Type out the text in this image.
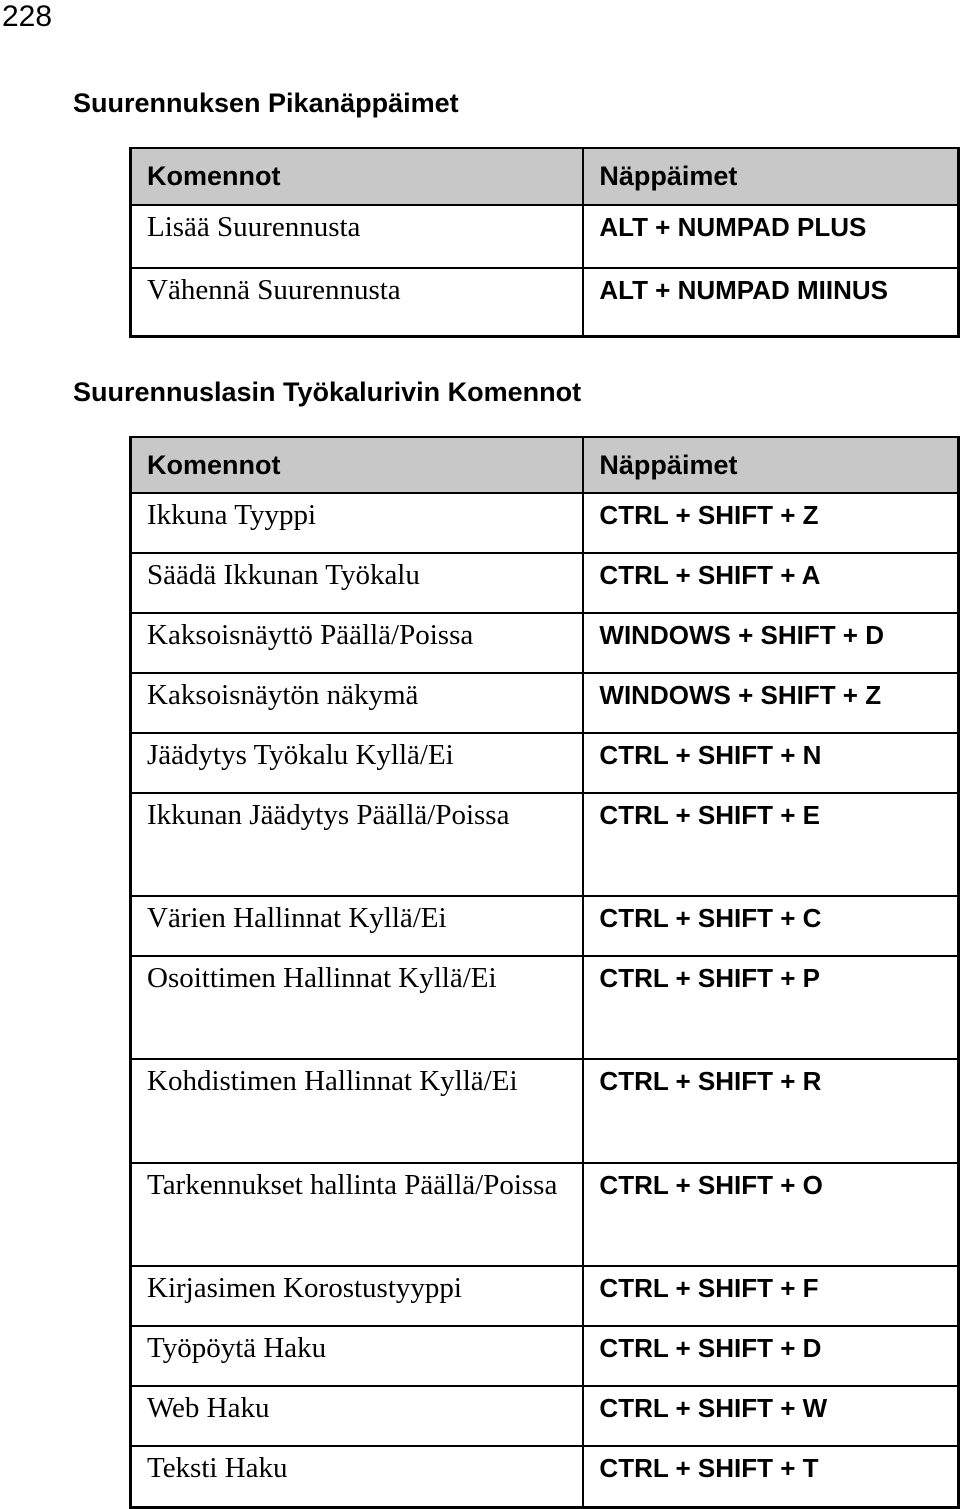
228
Suurennuksen Pikanäppäimet
Komennot	Näppäimet
Lisää Suurennusta	ALT + NUMPAD PLUS
Vähennä Suurennusta	ALT + NUMPAD MIINUS
Suurennuslasin Työkalurivin Komennot
Komennot	Näppäimet
Ikkuna Tyyppi	CTRL + SHIFT + Z
Säädä Ikkunan Työkalu	CTRL + SHIFT + A
Kaksoisnäyttö Päällä/Poissa	WINDOWS + SHIFT + D
Kaksoisnäytön näkymä	WINDOWS + SHIFT + Z
Jäädytys Työkalu Kyllä/Ei	CTRL + SHIFT + N
Ikkunan Jäädytys Päällä/Poissa	CTRL + SHIFT + E
Värien Hallinnat Kyllä/Ei	CTRL + SHIFT + C
Osoittimen Hallinnat Kyllä/Ei	CTRL + SHIFT + P
Kohdistimen Hallinnat Kyllä/Ei	CTRL + SHIFT + R
Tarkennukset hallinta Päällä/Poissa	CTRL + SHIFT + O
Kirjasimen Korostustyyppi	CTRL + SHIFT + F
Työpöytä Haku	CTRL + SHIFT + D
Web Haku	CTRL + SHIFT + W
Teksti Haku	CTRL + SHIFT + T
